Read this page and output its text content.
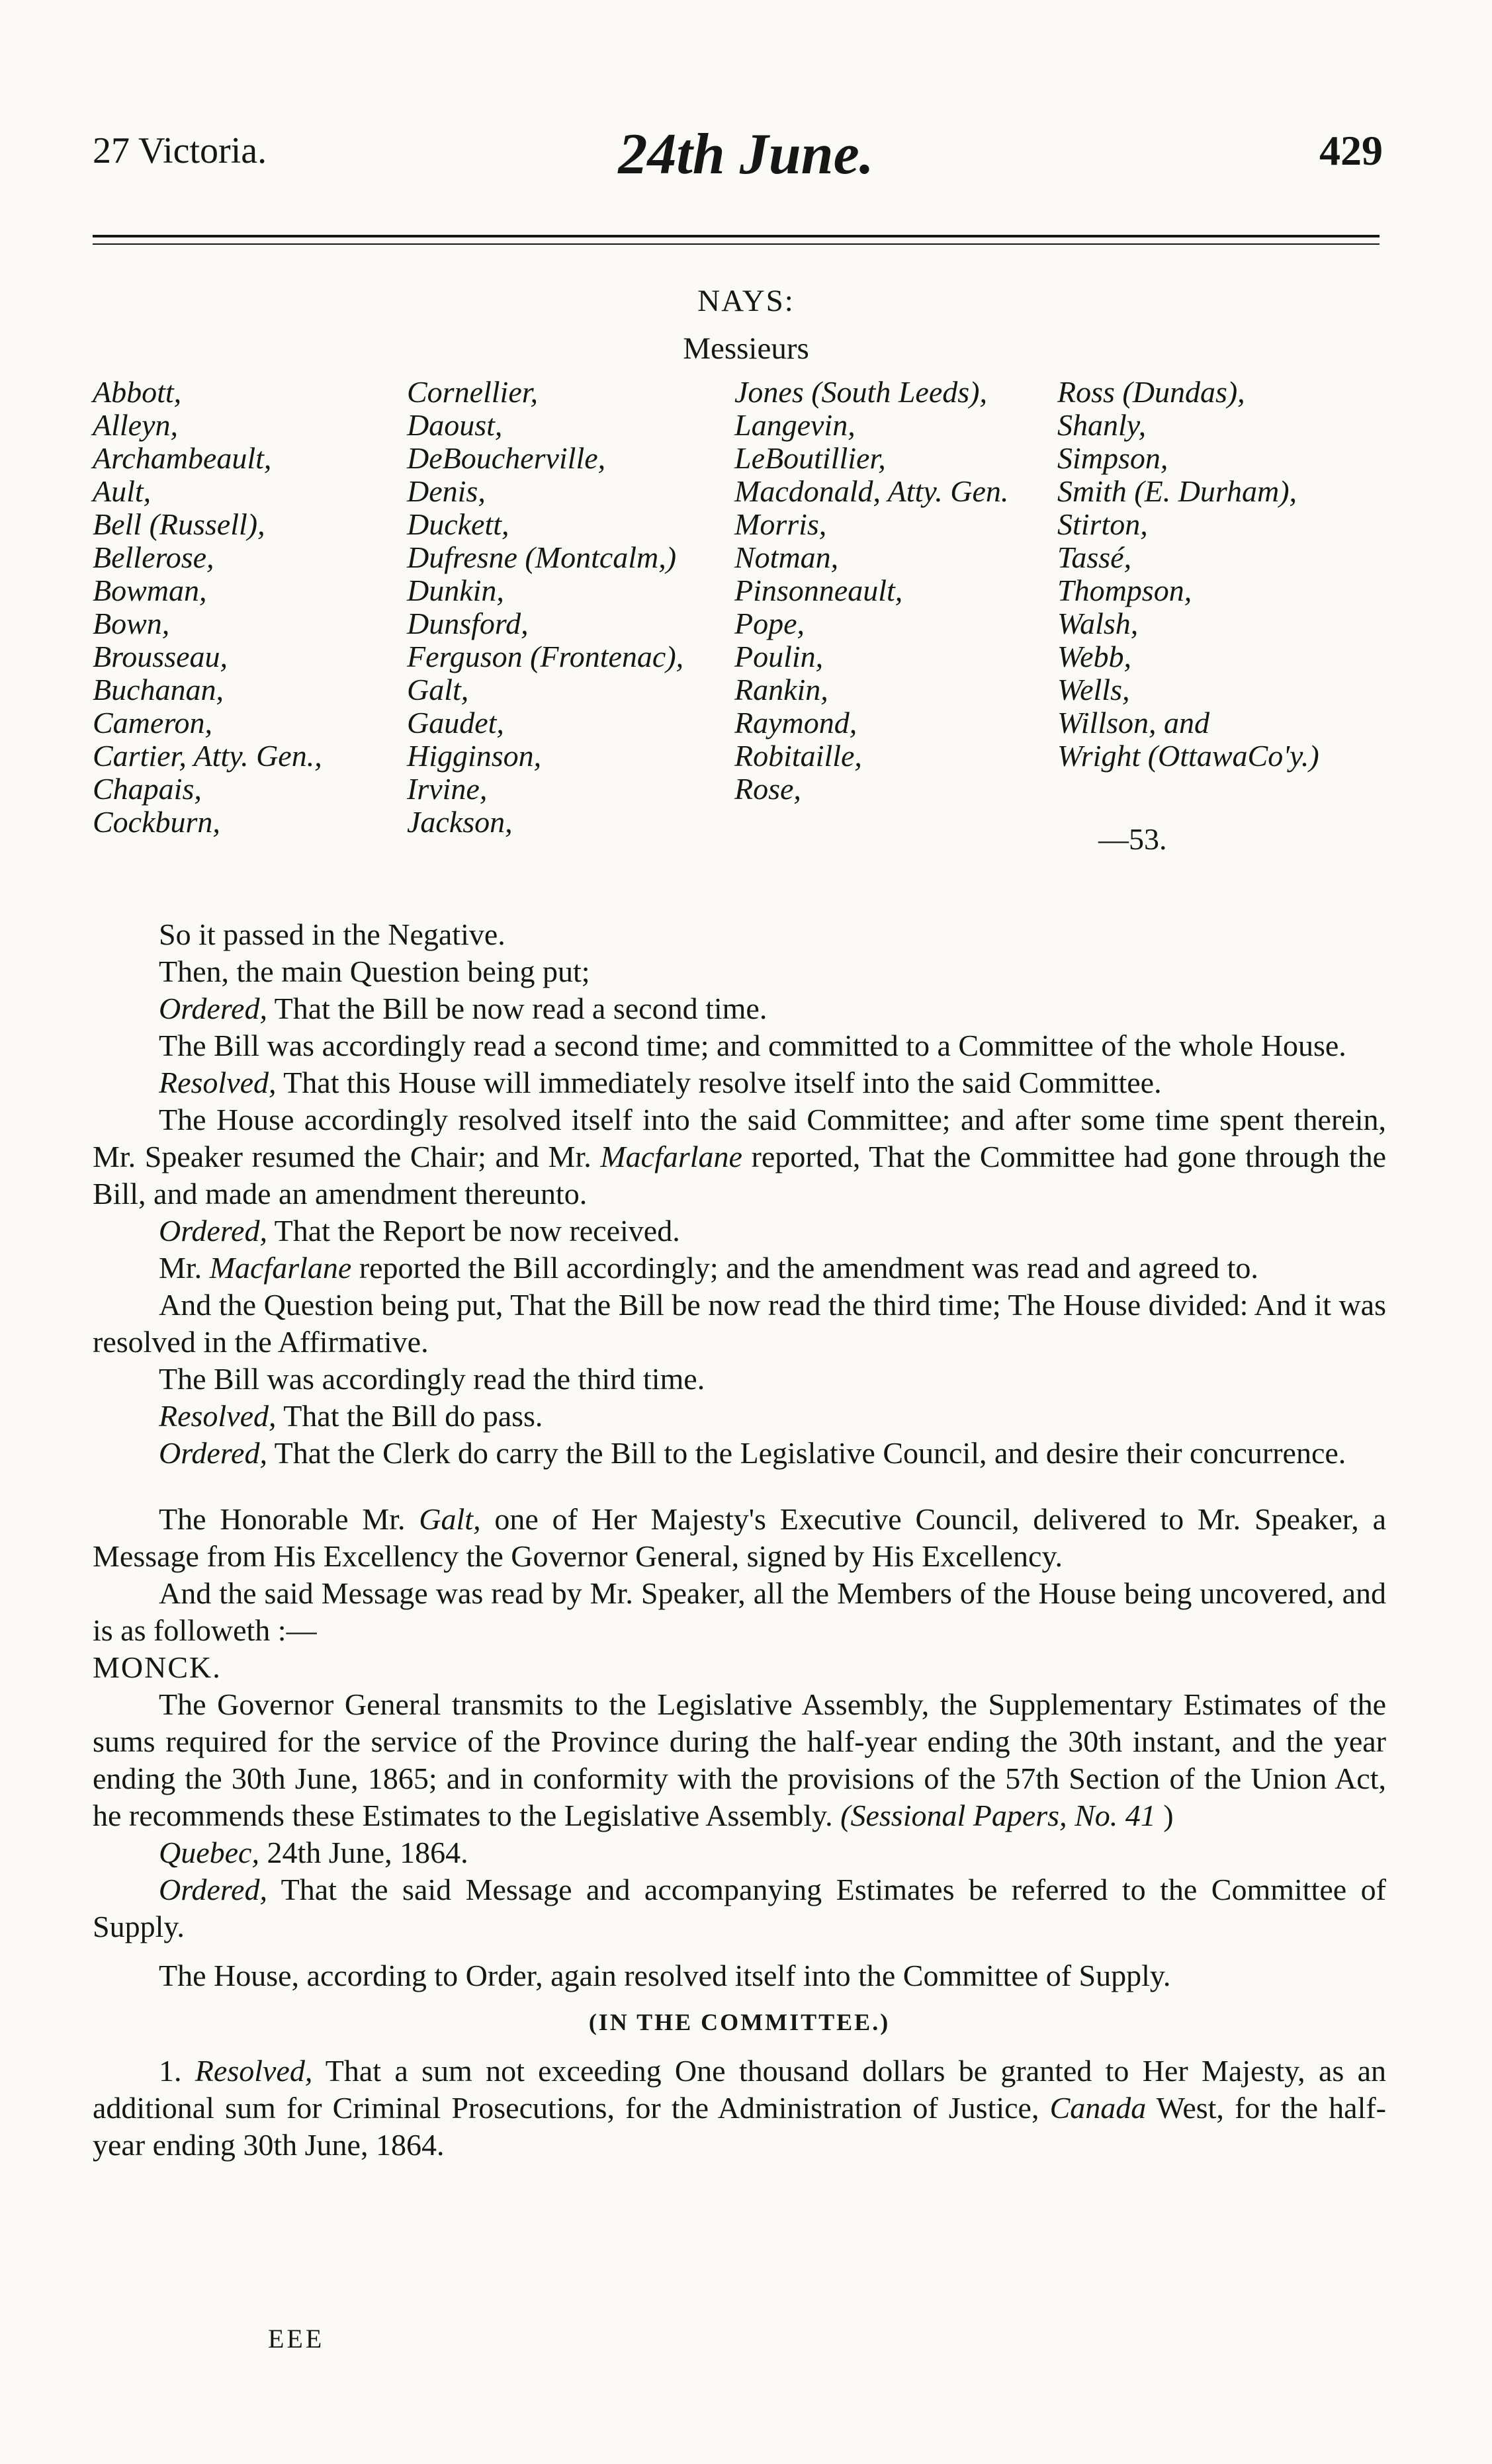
27 Victoria.	24th June.	429
NAYS:
Messieurs
Abbott,
Alleyn,
Archambeault,
Ault,
Bell (Russell),
Bellerose,
Bowman,
Bown,
Brousseau,
Buchanan,
Cameron,
Cartier, Atty. Gen.,
Chapais,
Cockburn,
Cornellier,
Daoust,
DeBoucherville,
Denis,
Duckett,
Dufresne (Montcalm,)
Dunkin,
Dunsford,
Ferguson (Frontenac),
Galt,
Gaudet,
Higginson,
Irvine,
Jackson,
Jones (South Leeds),
Langevin,
LeBoutillier,
Macdonald, Atty. Gen.
Morris,
Notman,
Pinsonneault,
Pope,
Poulin,
Rankin,
Raymond,
Robitaille,
Rose,
Ross (Dundas),
Shanly,
Simpson,
Smith (E. Durham),
Stirton,
Tassé,
Thompson,
Walsh,
Webb,
Wells,
Willson, and
Wright (OttawaCo'y.)
—53.

So it passed in the Negative.

Then, the main Question being put;

Ordered, That the Bill be now read a second time.

The Bill was accordingly read a second time; and committed to a Committee of the whole House.

Resolved, That this House will immediately resolve itself into the said Committee.

The House accordingly resolved itself into the said Committee; and after some time spent therein, Mr. Speaker resumed the Chair; and Mr. Macfarlane reported, That the Committee had gone through the Bill, and made an amendment thereunto.

Ordered, That the Report be now received.

Mr. Macfarlane reported the Bill accordingly; and the amendment was read and agreed to.

And the Question being put, That the Bill be now read the third time; The House divided: And it was resolved in the Affirmative.

The Bill was accordingly read the third time.

Resolved, That the Bill do pass.

Ordered, That the Clerk do carry the Bill to the Legislative Council, and desire their concurrence.

The Honorable Mr. Galt, one of Her Majesty's Executive Council, delivered to Mr. Speaker, a Message from His Excellency the Governor General, signed by His Excellency.

And the said Message was read by Mr. Speaker, all the Members of the House being uncovered, and is as followeth :—

MONCK.

The Governor General transmits to the Legislative Assembly, the Supplementary Estimates of the sums required for the service of the Province during the half-year ending the 30th instant, and the year ending the 30th June, 1865; and in conformity with the provisions of the 57th Section of the Union Act, he recommends these Estimates to the Legislative Assembly. (Sessional Papers, No. 41 )

Quebec, 24th June, 1864.

Ordered, That the said Message and accompanying Estimates be referred to the Committee of Supply.

The House, according to Order, again resolved itself into the Committee of Supply.

(IN THE COMMITTEE.)

1. Resolved, That a sum not exceeding One thousand dollars be granted to Her Majesty, as an additional sum for Criminal Prosecutions, for the Administration of Justice, Canada West, for the half-year ending 30th June, 1864.

EEE
